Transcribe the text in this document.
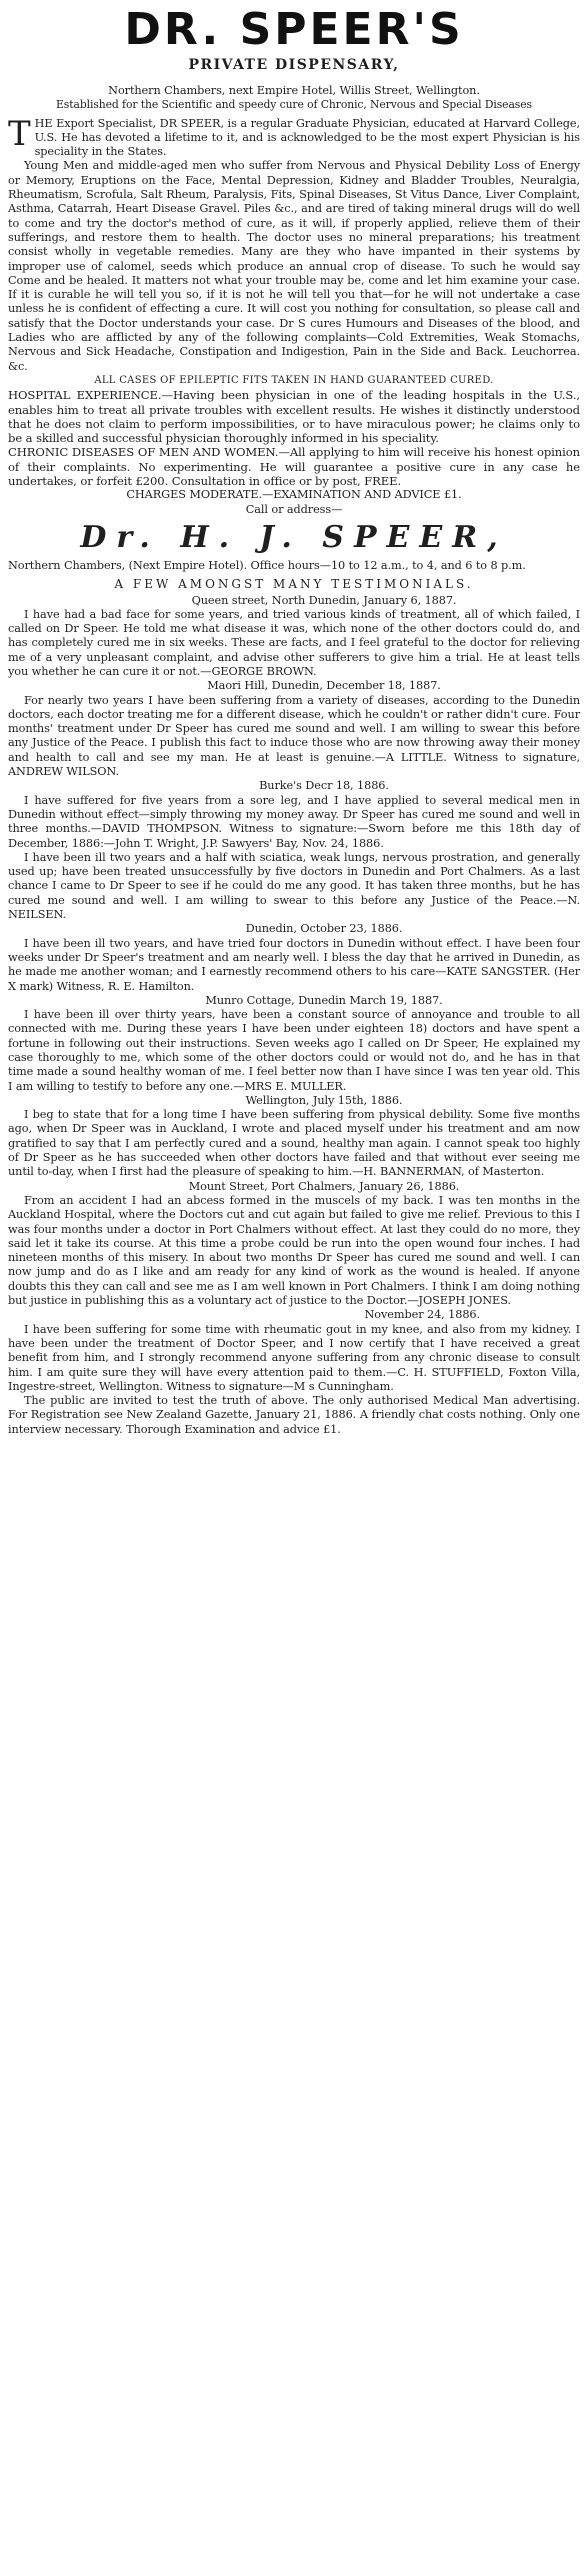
DR. SPEER'S
PRIVATE DISPENSARY,
Northern Chambers, next Empire Hotel, Willis Street, Wellington.
Established for the Scientific and speedy cure of Chronic, Nervous and Special Diseases

THE Export Specialist, DR SPEER, is a regular Graduate Physician, educated at Harvard College, U.S. He has devoted a lifetime to it, and is acknowledged to be the most expert Physician is his speciality in the States.

Young Men and middle-aged men who suffer from Nervous and Physical Debility Loss of Energy or Memory, Eruptions on the Face, Mental Depression, Kidney and Bladder Troubles, Neuralgia, Rheumatism, Scrofula, Salt Rheum, Paralysis, Fits, Spinal Diseases, St Vitus Dance, Liver Complaint, Asthma, Catarrah, Heart Disease Gravel. Piles &c., and are tired of taking mineral drugs will do well to come and try the doctor's method of cure, as it will, if properly applied, relieve them of their sufferings, and restore them to health. The doctor uses no mineral preparations; his treatment consist wholly in vegetable remedies. Many are they who have impanted in their systems by improper use of calomel, seeds which produce an annual crop of disease. To such he would say Come and be healed. It matters not what your trouble may be, come and let him examine your case. If it is curable he will tell you so, if it is not he will tell you that—for he will not undertake a case unless he is confident of effecting a cure. It will cost you nothing for consultation, so please call and satisfy that the Doctor understands your case. Dr S cures Humours and Diseases of the blood, and Ladies who are afflicted by any of the following complaints—Cold Extremities, Weak Stomachs, Nervous and Sick Headache, Constipation and Indigestion, Pain in the Side and Back. Leuchorrea. &c.

ALL CASES OF EPILEPTIC FITS TAKEN IN HAND GUARANTEED CURED.

HOSPITAL EXPERIENCE.—Having been physician in one of the leading hospitals in the U.S., enables him to treat all private troubles with excellent results. He wishes it distinctly understood that he does not claim to perform impossibilities, or to have miraculous power; he claims only to be a skilled and successful physician thoroughly informed in his speciality.

CHRONIC DISEASES OF MEN AND WOMEN.—All applying to him will receive his honest opinion of their complaints. No experimenting. He will guarantee a positive cure in any case he undertakes, or forfeit £200. Consultation in office or by post, FREE.

CHARGES MODERATE.—EXAMINATION AND ADVICE £1.
Call or address—
Dr. H. J. SPEER,

Northern Chambers, (Next Empire Hotel). Office hours—10 to 12 a.m., to 4, and 6 to 8 p.m.

A FEW AMONGST MANY TESTIMONIALS.
Queen street, North Dunedin, January 6, 1887.

I have had a bad face for some years, and tried various kinds of treatment, all of which failed, I called on Dr Speer. He told me what disease it was, which none of the other doctors could do, and has completely cured me in six weeks. These are facts, and I feel grateful to the doctor for relieving me of a very unpleasant complaint, and advise other sufferers to give him a trial. He at least tells you whether he can cure it or not.—GEORGE BROWN.

Maori Hill, Dunedin, December 18, 1887.

For nearly two years I have been suffering from a variety of diseases, according to the Dunedin doctors, each doctor treating me for a different disease, which he couldn't or rather didn't cure. Four months' treatment under Dr Speer has cured me sound and well. I am willing to swear this before any Justice of the Peace. I publish this fact to induce those who are now throwing away their money and health to call and see my man. He at least is genuine.—A LITTLE. Witness to signature, ANDREW WILSON.

Burke's Decr 18, 1886.

I have suffered for five years from a sore leg, and I have applied to several medical men in Dunedin without effect—simply throwing my money away. Dr Speer has cured me sound and well in three months.—DAVID THOMPSON. Witness to signature:—Sworn before me this 18th day of December, 1886:—John T. Wright, J.P. Sawyers' Bay, Nov. 24, 1886.

I have been ill two years and a half with sciatica, weak lungs, nervous prostration, and generally used up; have been treated unsuccessfully by five doctors in Dunedin and Port Chalmers. As a last chance I came to Dr Speer to see if he could do me any good. It has taken three months, but he has cured me sound and well. I am willing to swear to this before any Justice of the Peace.—N. NEILSEN.

Dunedin, October 23, 1886.

I have been ill two years, and have tried four doctors in Dunedin without effect. I have been four weeks under Dr Speer's treatment and am nearly well. I bless the day that he arrived in Dunedin, as he made me another woman; and I earnestly recommend others to his care—KATE SANGSTER. (Her X mark) Witness, R. E. Hamilton.

Munro Cottage, Dunedin March 19, 1887.

I have been ill over thirty years, have been a constant source of annoyance and trouble to all connected with me. During these years I have been under eighteen 18) doctors and have spent a fortune in following out their instructions. Seven weeks ago I called on Dr Speer, He explained my case thoroughly to me, which some of the other doctors could or would not do, and he has in that time made a sound healthy woman of me. I feel better now than I have since I was ten year old. This I am willing to testify to before any one.—MRS E. MULLER.

Wellington, July 15th, 1886.

I beg to state that for a long time I have been suffering from physical debility. Some five months ago, when Dr Speer was in Auckland, I wrote and placed myself under his treatment and am now gratified to say that I am perfectly cured and a sound, healthy man again. I cannot speak too highly of Dr Speer as he has succeeded when other doctors have failed and that without ever seeing me until to-day, when I first had the pleasure of speaking to him.—H. BANNERMAN, of Masterton.

Mount Street, Port Chalmers, January 26, 1886.

From an accident I had an abcess formed in the muscels of my back. I was ten months in the Auckland Hospital, where the Doctors cut and cut again but failed to give me relief. Previous to this I was four months under a doctor in Port Chalmers without effect. At last they could do no more, they said let it take its course. At this time a probe could be run into the open wound four inches. I had nineteen months of this misery. In about two months Dr Speer has cured me sound and well. I can now jump and do as I like and am ready for any kind of work as the wound is healed. If anyone doubts this they can call and see me as I am well known in Port Chalmers. I think I am doing nothing but justice in publishing this as a voluntary act of justice to the Doctor.—JOSEPH JONES.

November 24, 1886.

I have been suffering for some time with rheumatic gout in my knee, and also from my kidney. I have been under the treatment of Doctor Speer, and I now certify that I have received a great benefit from him, and I strongly recommend anyone suffering from any chronic disease to consult him. I am quite sure they will have every attention paid to them.—C. H. STUFFIELD, Foxton Villa, Ingestre-street, Wellington. Witness to signature—M s Cunningham.

The public are invited to test the truth of above. The only authorised Medical Man advertising. For Registration see New Zealand Gazette, January 21, 1886. A friendly chat costs nothing. Only one interview necessary. Thorough Examination and advice £1.
